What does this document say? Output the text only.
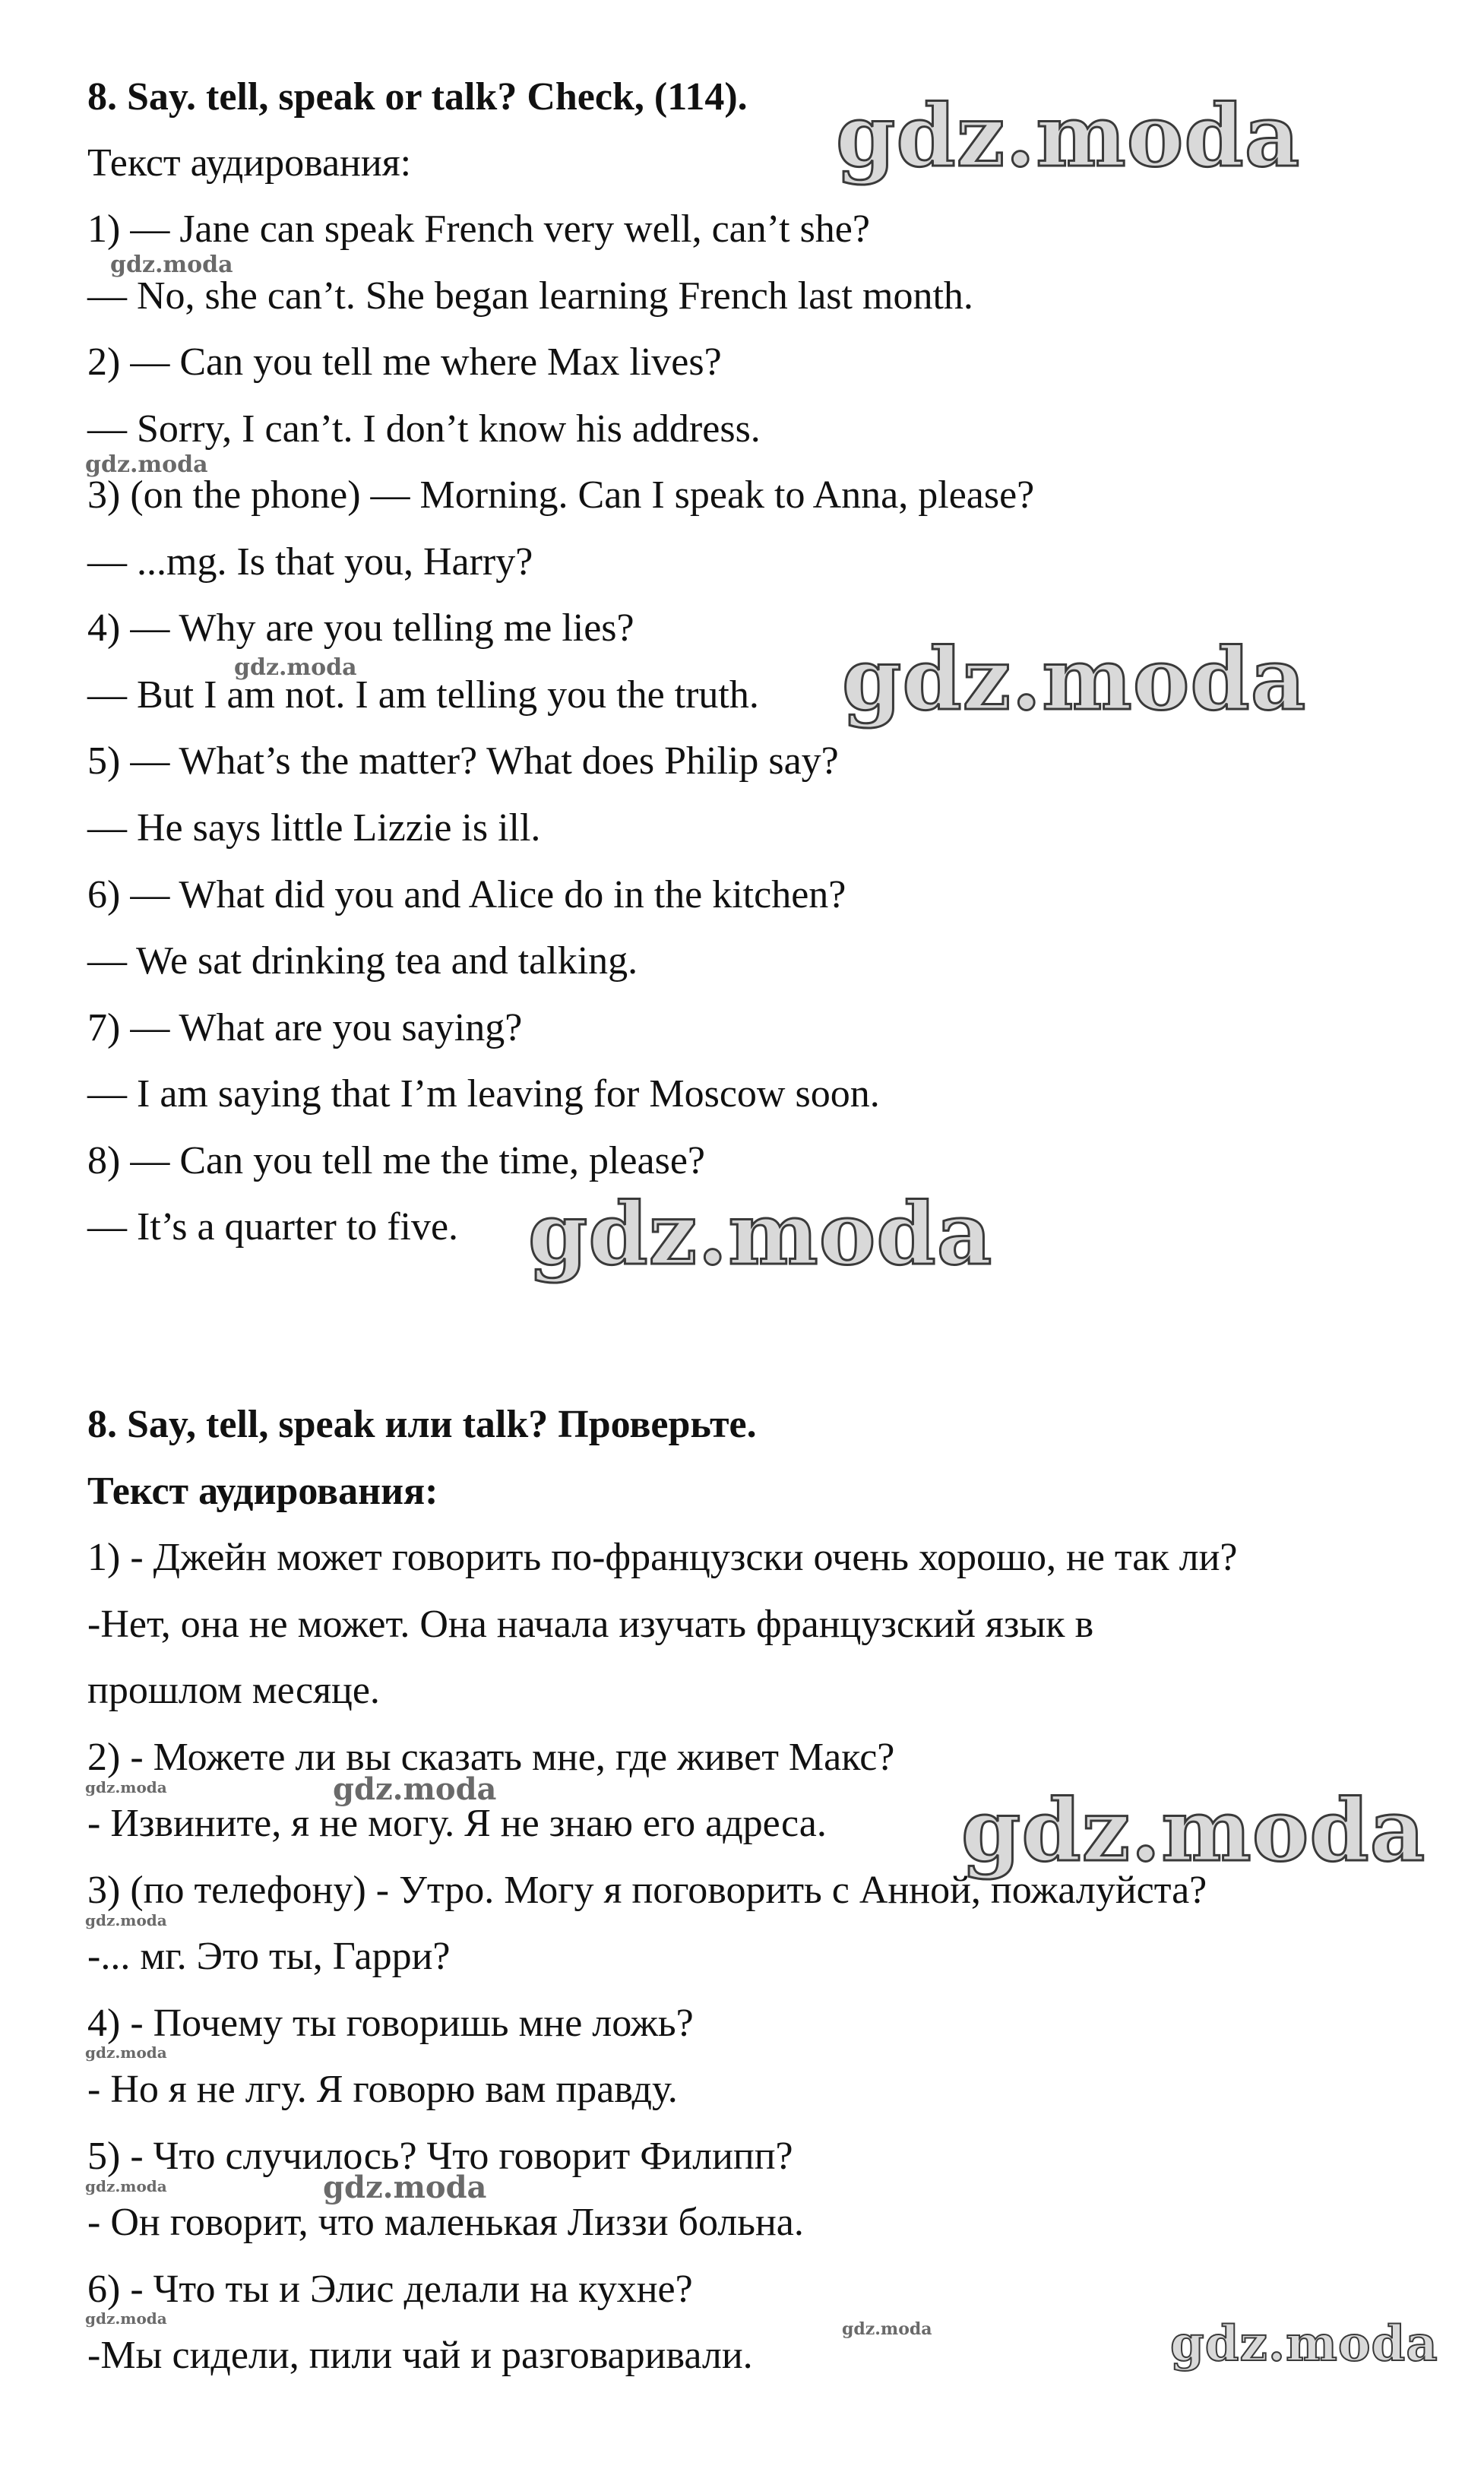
8. Say. tell, speak or talk? Check, (114).

Текст аудирования:

1) — Jane can speak French very well, can’t she?

— No, she can’t. She began learning French last month.

2) — Can you tell me where Max lives?

— Sorry, I can’t. I don’t know his address.

3) (on the phone) — Morning. Can I speak to Anna, please?

— ...mg. Is that you, Harry?

4) — Why are you telling me lies?

— But I am not. I am telling you the truth.

5) — What’s the matter? What does Philip say?

— He says little Lizzie is ill.

6) — What did you and Alice do in the kitchen?

— We sat drinking tea and talking.

7) — What are you saying?

— I am saying that I’m leaving for Moscow soon.

8) — Can you tell me the time, please?

— It’s a quarter to five.

8. Say, tell, speak или talk? Проверьте.

Текст аудирования:

1) - Джейн может говорить по-французски очень хорошо, не так ли?

-Нет, она не может. Она начала изучать французский язык в

прошлом месяце.

2) - Можете ли вы сказать мне, где живет Макс?

- Извините, я не могу. Я не знаю его адреса.

3) (по телефону) - Утро. Могу я поговорить с Анной, пожалуйста?

-... мг. Это ты, Гарри?

4) - Почему ты говоришь мне ложь?

- Но я не лгу. Я говорю вам правду.

5) - Что случилось? Что говорит Филипп?

- Он говорит, что маленькая Лиззи больна.

6) - Что ты и Элис делали на кухне?

-Мы сидели, пили чай и разговаривали.

gdz.moda
gdz.moda
gdz.moda
gdz.moda
gdz.moda
gdz.moda
gdz.moda
gdz.moda
gdz.moda
gdz.moda
gdz.moda
gdz.moda
gdz.moda
gdz.moda
gdz.moda
gdz.moda
